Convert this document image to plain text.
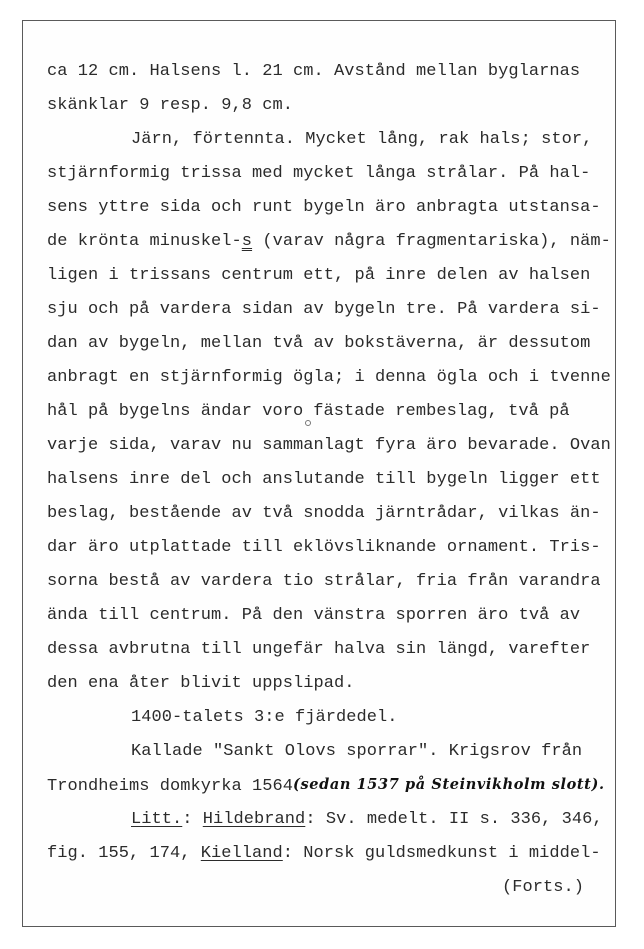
ca 12 cm. Halsens l. 21 cm. Avstånd mellan byglarnas
skänklar 9 resp. 9,8 cm.
Järn, förtennta. Mycket lång, rak hals; stor,
stjärnformig trissa med mycket långa strålar. På hal-
sens yttre sida och runt bygeln äro anbragta utstansa-
de krönta minuskel-s (varav några fragmentariska), näm-
ligen i trissans centrum ett, på inre delen av halsen
sju och på vardera sidan av bygeln tre. På vardera si-
dan av bygeln, mellan två av bokstäverna, är dessutom
anbragt en stjärnformig ögla; i denna ögla och i tvenne
hål på bygelns ändar voro fästade rembeslag, två på
varje sida, varav nu sammanlagt fyra äro bevarade. Ovan
halsens inre del och anslutande till bygeln ligger ett
beslag, bestående av två snodda järntrådar, vilkas än-
dar äro utplattade till eklövsliknande ornament. Tris-
sorna bestå av vardera tio strålar, fria från varandra
ända till centrum. På den vänstra sporren äro två av
dessa avbrutna till ungefär halva sin längd, varefter
den ena åter blivit uppslipad.
1400-talets 3:e fjärdedel.
Kallade "Sankt Olovs sporrar". Krigsrov från
Trondheims domkyrka 1564(sedan 1537 på Steinvikholm slott).
Litt.: Hildebrand: Sv. medelt. II s. 336, 346,
fig. 155, 174, Kielland: Norsk guldsmedkunst i middel-
(Forts.)
